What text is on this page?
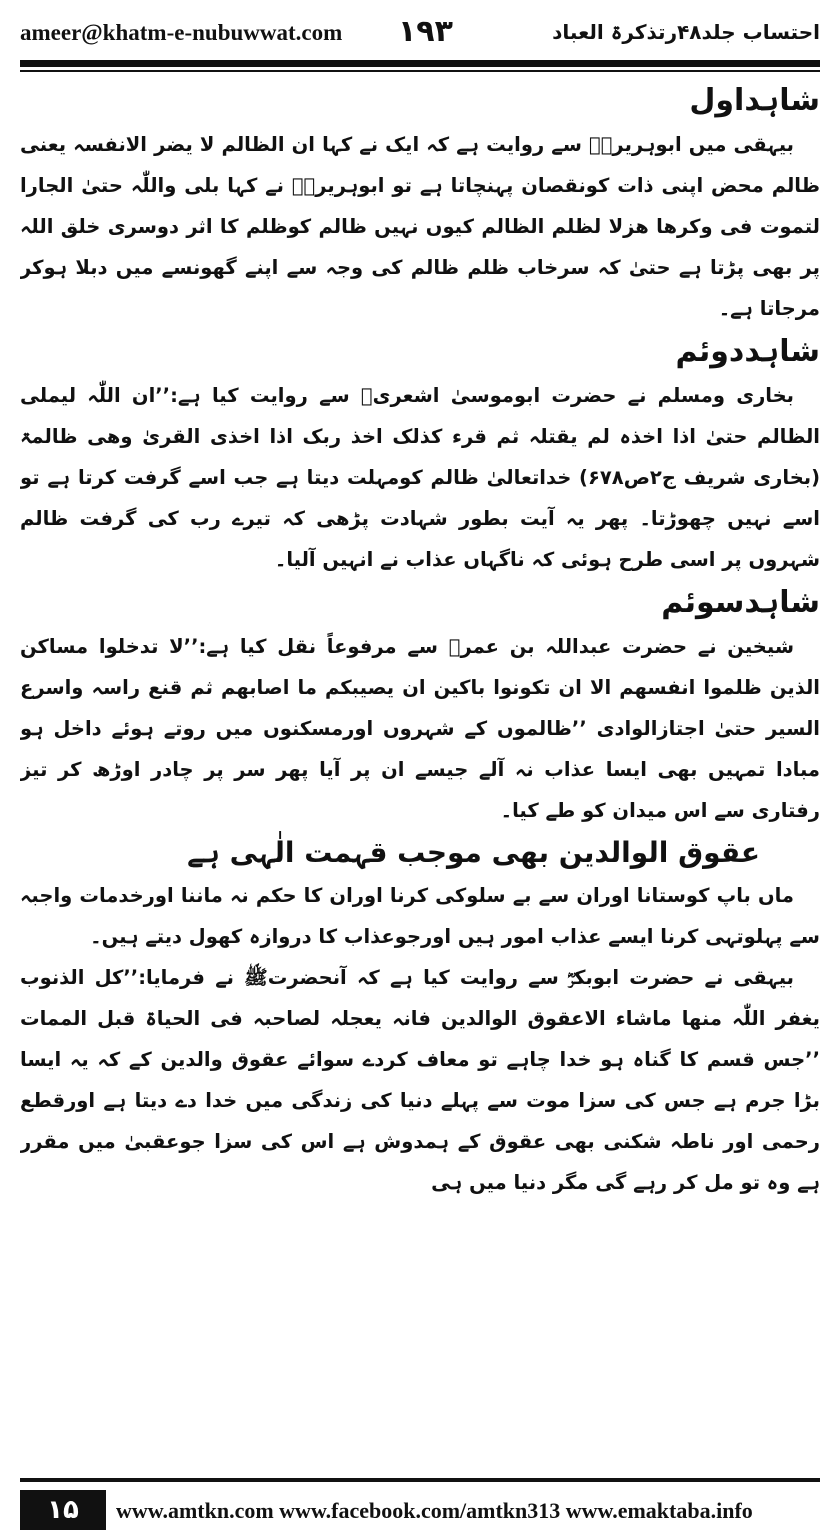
ameer@khatm-e-nubuwwat.com ۱۹۳	احتساب جلد۴۸رتذکرۃ العباد
شاہداول

بیہقی میں ابوہریرہؓ سے روایت ہے کہ ایک نے کہا ان الظالم لا یضر الانفسہ یعنی ظالم محض اپنی ذات کونقصان پہنچاتا ہے تو ابوہریرہؓ نے کہا بلی واللّٰہ حتیٰ الجارا لتموت فی وکرھا ھزلا لظلم الظالم کیوں نہیں ظالم کوظلم کا اثر دوسری خلق اللہ پر بھی پڑتا ہے حتیٰ کہ سرخاب ظلم ظالم کی وجہ سے اپنے گھونسے میں دبلا ہوکر مرجاتا ہے۔

شاہددوئم

بخاری ومسلم نے حضرت ابوموسیٰ اشعریؓ سے روایت کیا ہے:’’ان اللّٰہ لیملی الظالم حتیٰ اذا اخذہ لم یقتلہ ثم قرء کذلک اخذ ربک اذا اخذی القریٰ وھی ظالمۃ (بخاری شریف ج۲ص۶۷۸) خداتعالیٰ ظالم کومہلت دیتا ہے جب اسے گرفت کرتا ہے تو اسے نہیں چھوڑتا۔ پھر یہ آیت بطور شہادت پڑھی کہ تیرے رب کی گرفت ظالم شہروں پر اسی طرح ہوئی کہ ناگہاں عذاب نے انہیں آلیا۔

شاہدسوئم

شیخین نے حضرت عبداللہ بن عمرؓ سے مرفوعاً نقل کیا ہے:’’لا تدخلوا مساکن الذین ظلموا انفسھم الا ان تکونوا باکین ان یصیبکم ما اصابھم ثم قنع راسہ واسرع السیر حتیٰ اجتازالوادی ’’ظالموں کے شہروں اورمسکنوں میں روتے ہوئے داخل ہو مبادا تمہیں بھی ایسا عذاب نہ آلے جیسے ان پر آیا پھر سر پر چادر اوڑھ کر تیز رفتاری سے اس میدان کو طے کیا۔

عقوق الوالدین بھی موجب قہمت الٰہی ہے

ماں باپ کوستانا اوران سے بے سلوکی کرنا اوران کا حکم نہ ماننا اورخدمات واجبہ سے پہلوتہی کرنا ایسے عذاب امور ہیں اورجوعذاب کا دروازہ کھول دیتے ہیں۔

بیہقی نے حضرت ابوبکرؓ سے روایت کیا ہے کہ آنحضرتﷺ نے فرمایا:’’کل الذنوب یغفر اللّٰہ منھا ماشاء الاعقوق الوالدین فانہ یعجلہ لصاحبہ فی الحیاۃ قبل الممات ’’جس قسم کا گناہ ہو خدا چاہے تو معاف کردے سوائے عقوق والدین کے کہ یہ ایسا بڑا جرم ہے جس کی سزا موت سے پہلے دنیا کی زندگی میں خدا دے دیتا ہے اورقطع رحمی اور ناطہ شکنی بھی عقوق کے ہمدوش ہے اس کی سزا جوعقبیٰ میں مقرر ہے وہ تو مل کر رہے گی مگر دنیا میں ہی

۱۵	www.amtkn.com www.facebook.com/amtkn313 www.emaktaba.info
